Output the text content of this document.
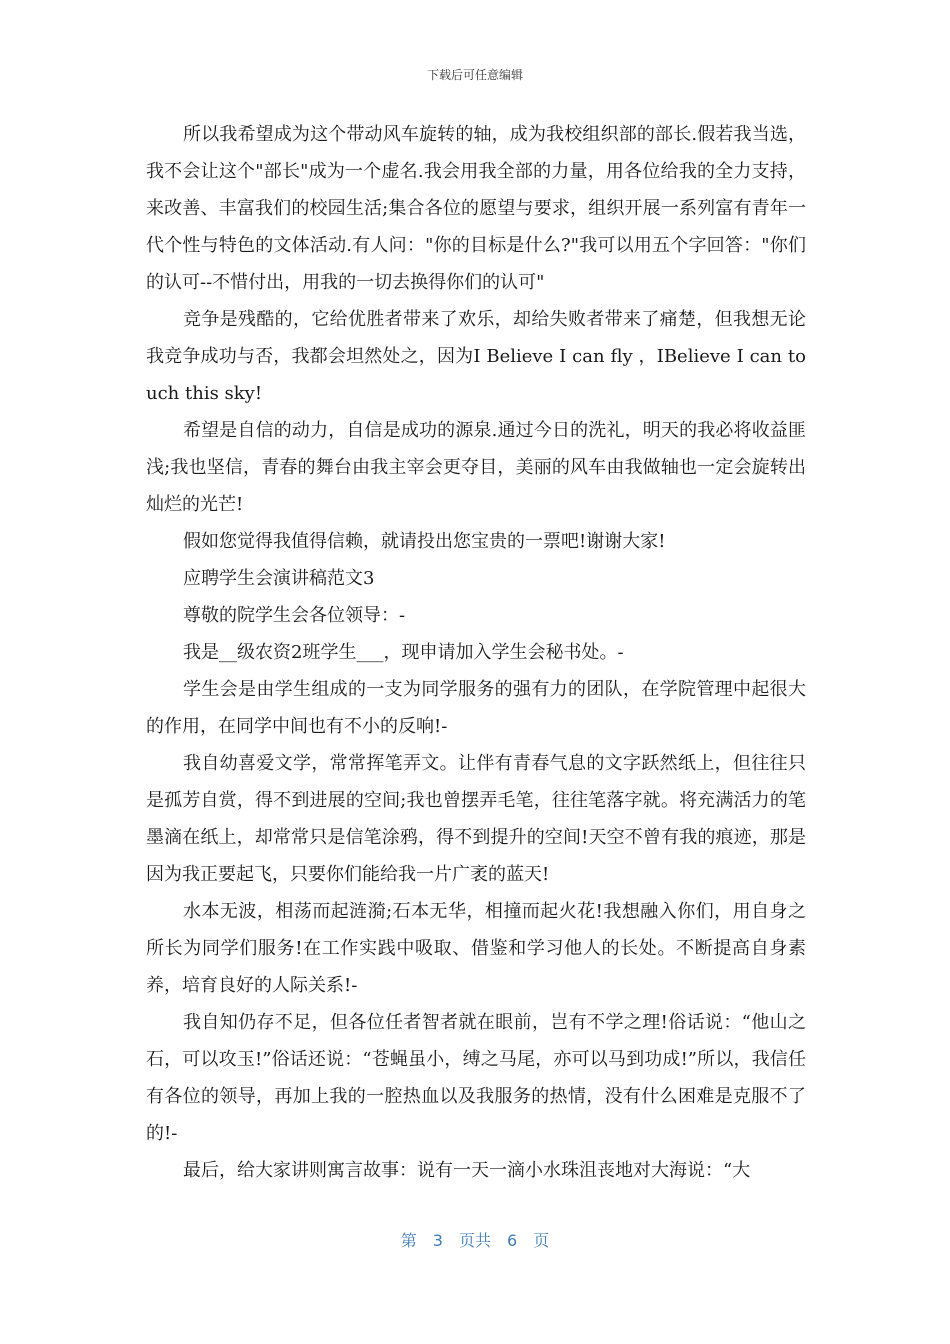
下载后可任意编辑

所以我希望成为这个带动风车旋转的轴，成为我校组织部的部长.假若我当选，我不会让这个"部长"成为一个虚名.我会用我全部的力量，用各位给我的全力支持，来改善、丰富我们的校园生活;集合各位的愿望与要求，组织开展一系列富有青年一代个性与特色的文体活动.有人问："你的目标是什么?"我可以用五个字回答："你们的认可--不惜付出，用我的一切去换得你们的认可"

竞争是残酷的，它给优胜者带来了欢乐，却给失败者带来了痛楚，但我想无论我竞争成功与否，我都会坦然处之，因为I Believe I can fly ，IBelieve I can touch this sky!

希望是自信的动力，自信是成功的源泉.通过今日的洗礼，明天的我必将收益匪浅;我也坚信，青春的舞台由我主宰会更夺目，美丽的风车由我做轴也一定会旋转出灿烂的光芒!

假如您觉得我值得信赖，就请投出您宝贵的一票吧!谢谢大家!

应聘学生会演讲稿范文3

尊敬的院学生会各位领导：-

我是__级农资2班学生___，现申请加入学生会秘书处。-

学生会是由学生组成的一支为同学服务的强有力的团队，在学院管理中起很大的作用，在同学中间也有不小的反响!-

我自幼喜爱文学，常常挥笔弄文。让伴有青春气息的文字跃然纸上，但往往只是孤芳自赏，得不到进展的空间;我也曾摆弄毛笔，往往笔落字就。将充满活力的笔墨滴在纸上，却常常只是信笔涂鸦，得不到提升的空间!天空不曾有我的痕迹，那是因为我正要起飞，只要你们能给我一片广袤的蓝天!

水本无波，相荡而起涟漪;石本无华，相撞而起火花!我想融入你们，用自身之所长为同学们服务!在工作实践中吸取、借鉴和学习他人的长处。不断提高自身素养，培育良好的人际关系!-

我自知仍存不足，但各位任者智者就在眼前，岂有不学之理!俗话说：“他山之石，可以攻玉!”俗话还说：“苍蝇虽小，缚之马尾，亦可以马到功成!”所以，我信任有各位的领导，再加上我的一腔热血以及我服务的热情，没有什么困难是克服不了的!-

最后，给大家讲则寓言故事：说有一天一滴小水珠沮丧地对大海说：“大

第 3 页共 6 页
